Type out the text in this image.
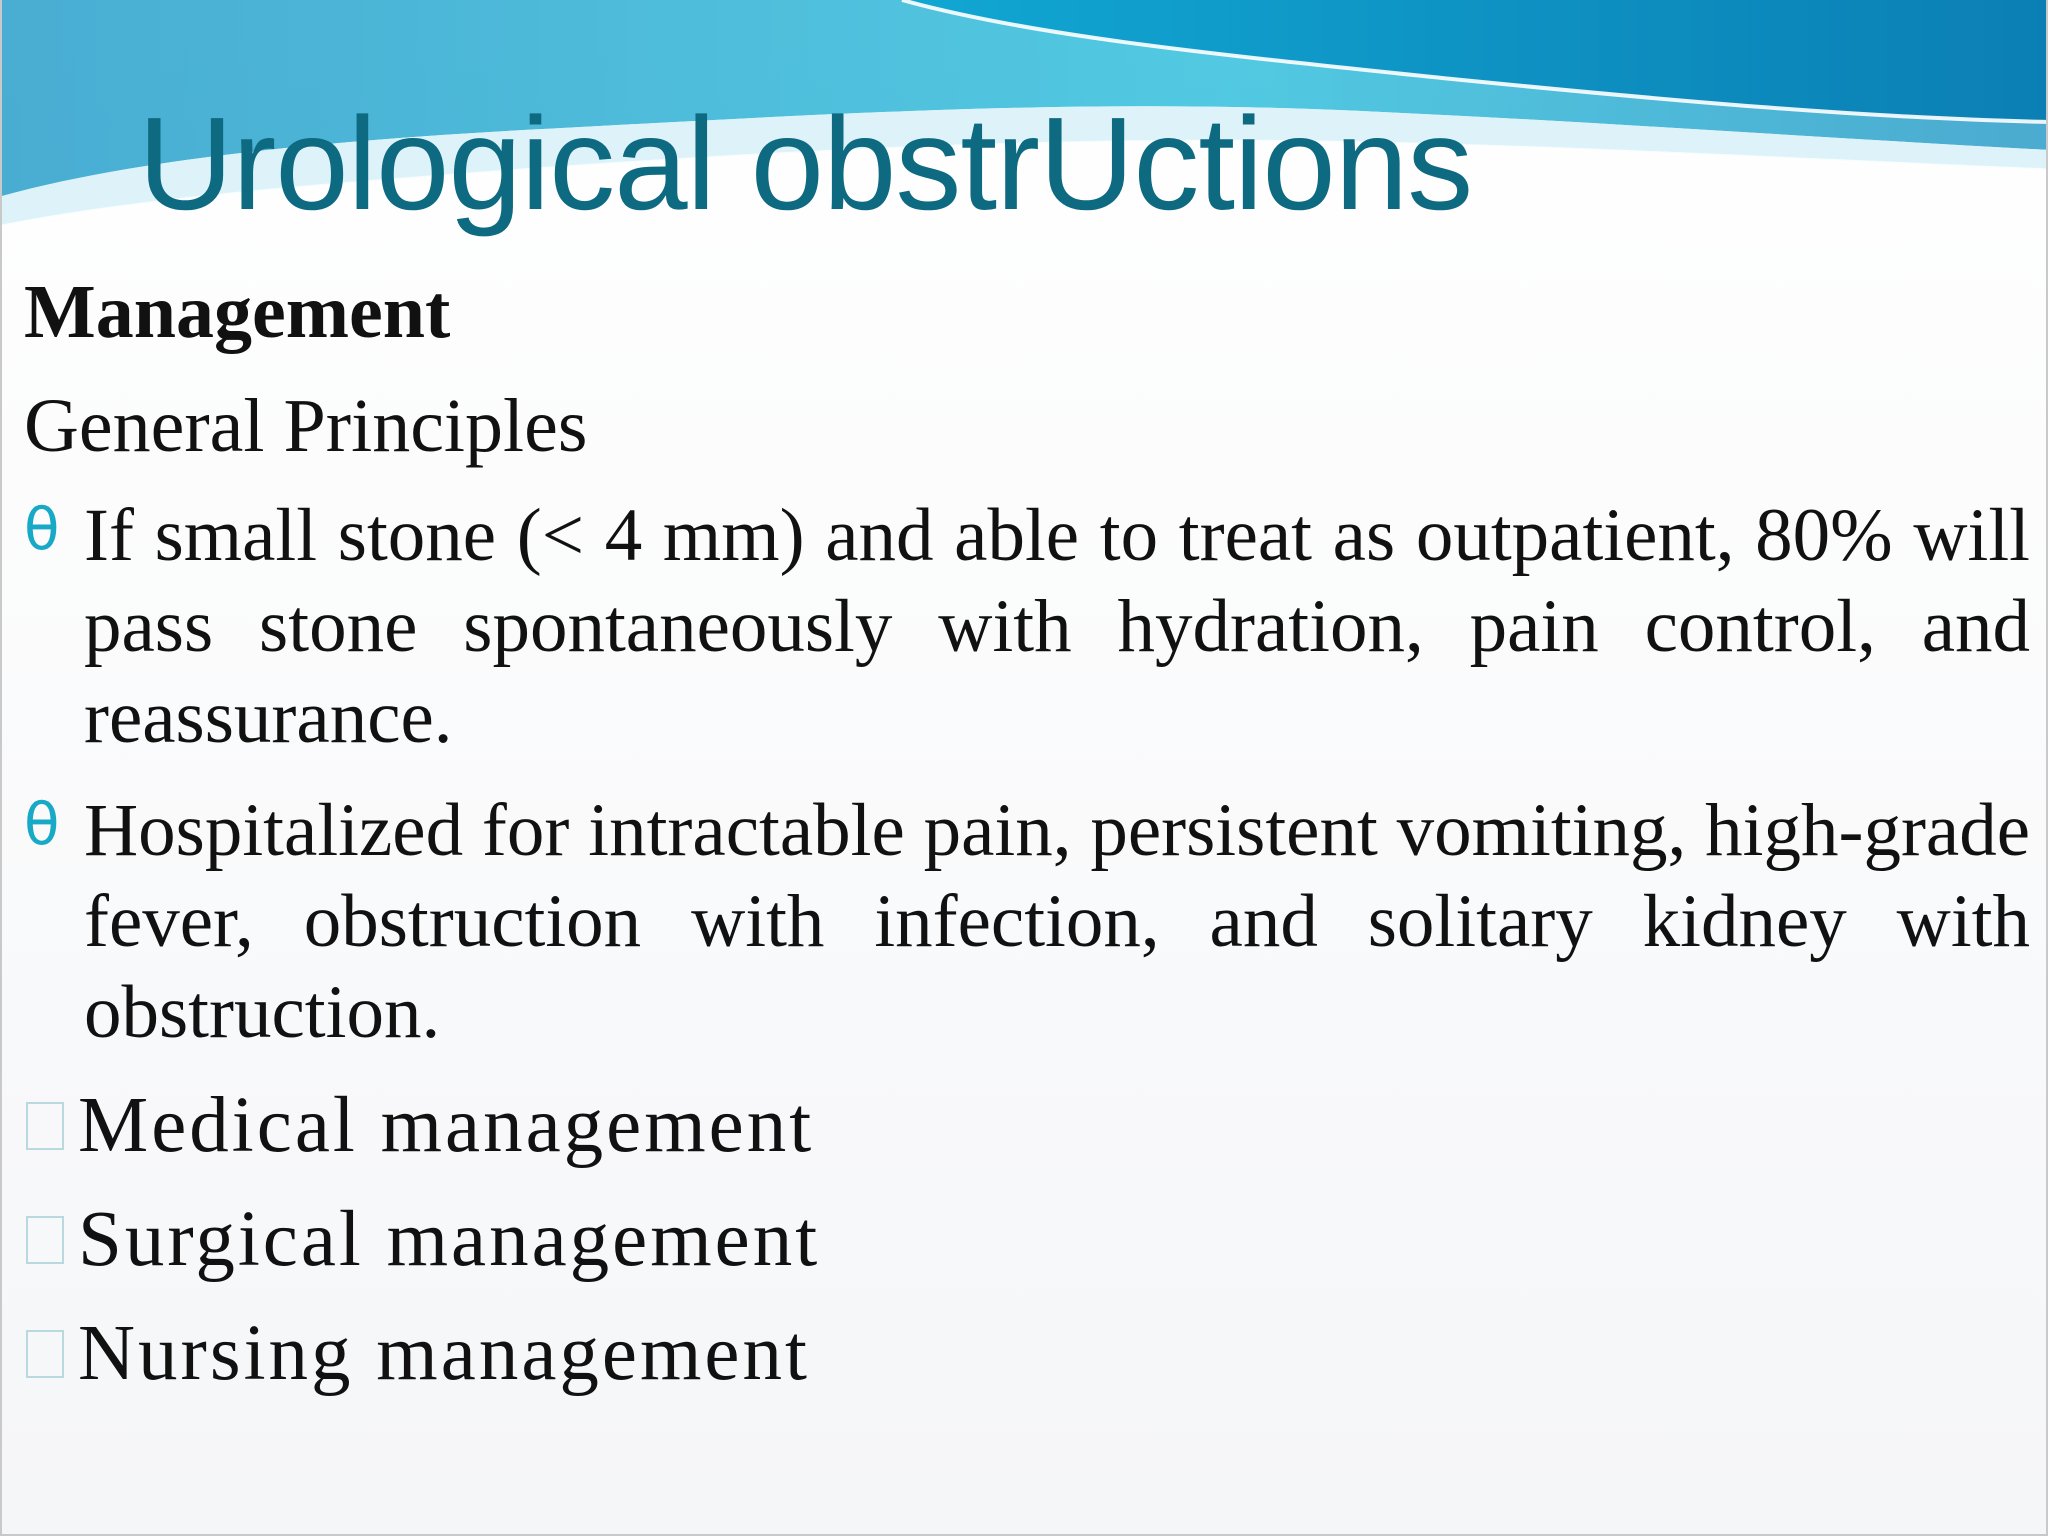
Urological obstrUctions
Management
General Principles
θ If small stone (< 4 mm) and able to treat as outpatient, 80% will pass stone spontaneously with hydration, pain control, and reassurance.
θ Hospitalized for intractable pain, persistent vomiting, high-grade fever, obstruction with infection, and solitary kidney with obstruction.
Medical management
Surgical management
Nursing management
